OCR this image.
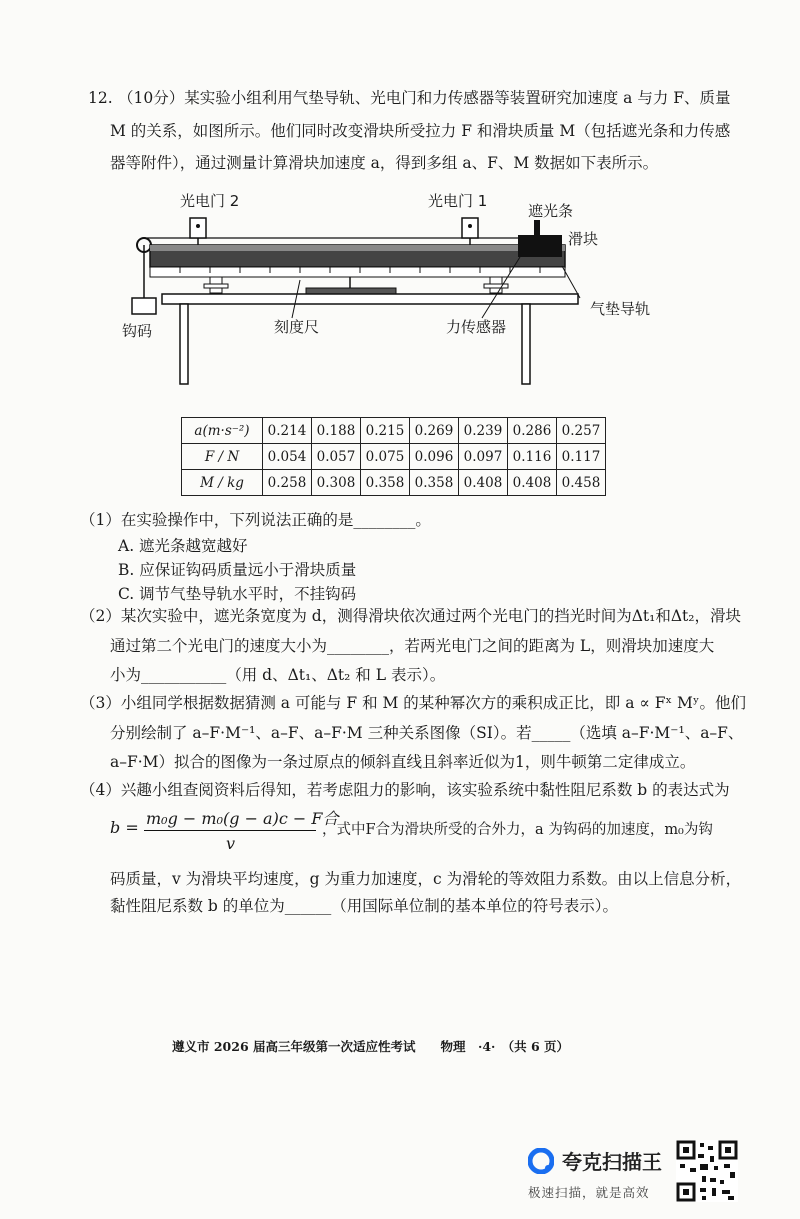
12. （10分）某实验小组利用气垫导轨、光电门和力传感器等装置研究加速度 a 与力 F、质量
M 的关系，如图所示。他们同时改变滑块所受拉力 F 和滑块质量 M（包括遮光条和力传感
器等附件），通过测量计算滑块加速度 a，得到多组 a、F、M 数据如下表所示。
光电门 2	光电门 1
遮光条
滑块
气垫导轨
钩码	刻度尺	力传感器
a(m·s⁻²)	0.214	0.188	0.215	0.269	0.239	0.286	0.257
F / N	0.054	0.057	0.075	0.096	0.097	0.116	0.117
M / kg	0.258	0.308	0.358	0.358	0.408	0.408	0.458
（1）在实验操作中，下列说法正确的是________。
A. 遮光条越宽越好
B. 应保证钩码质量远小于滑块质量
C. 调节气垫导轨水平时，不挂钩码
（2）某次实验中，遮光条宽度为 d，测得滑块依次通过两个光电门的挡光时间为Δt₁和Δt₂，滑块
通过第二个光电门的速度大小为________，若两光电门之间的距离为 L，则滑块加速度大
小为___________（用 d、Δt₁、Δt₂ 和 L 表示）。
（3）小组同学根据数据猜测 a 可能与 F 和 M 的某种幂次方的乘积成正比，即 a ∝ Fˣ Mʸ。他们
分别绘制了 a–F·M⁻¹、a–F、a–F·M 三种关系图像（SI）。若_____（选填 a–F·M⁻¹、a–F、
a–F·M）拟合的图像为一条过原点的倾斜直线且斜率近似为1，则牛顿第二定律成立。
（4）兴趣小组查阅资料后得知，若考虑阻力的影响，该实验系统中黏性阻尼系数 b 的表达式为
b = m₀g − m₀(g − a)c − F合
v
，式中F合为滑块所受的合外力，a 为钩码的加速度，m₀为钩
码质量，v 为滑块平均速度，g 为重力加速度，c 为滑轮的等效阻力系数。由以上信息分析，
黏性阻尼系数 b 的单位为______（用国际单位制的基本单位的符号表示）。
遵义市 2026 届高三年级第一次适应性考试　　物理　·4·　（共 6 页）
夸克扫描王
极速扫描，就是高效
